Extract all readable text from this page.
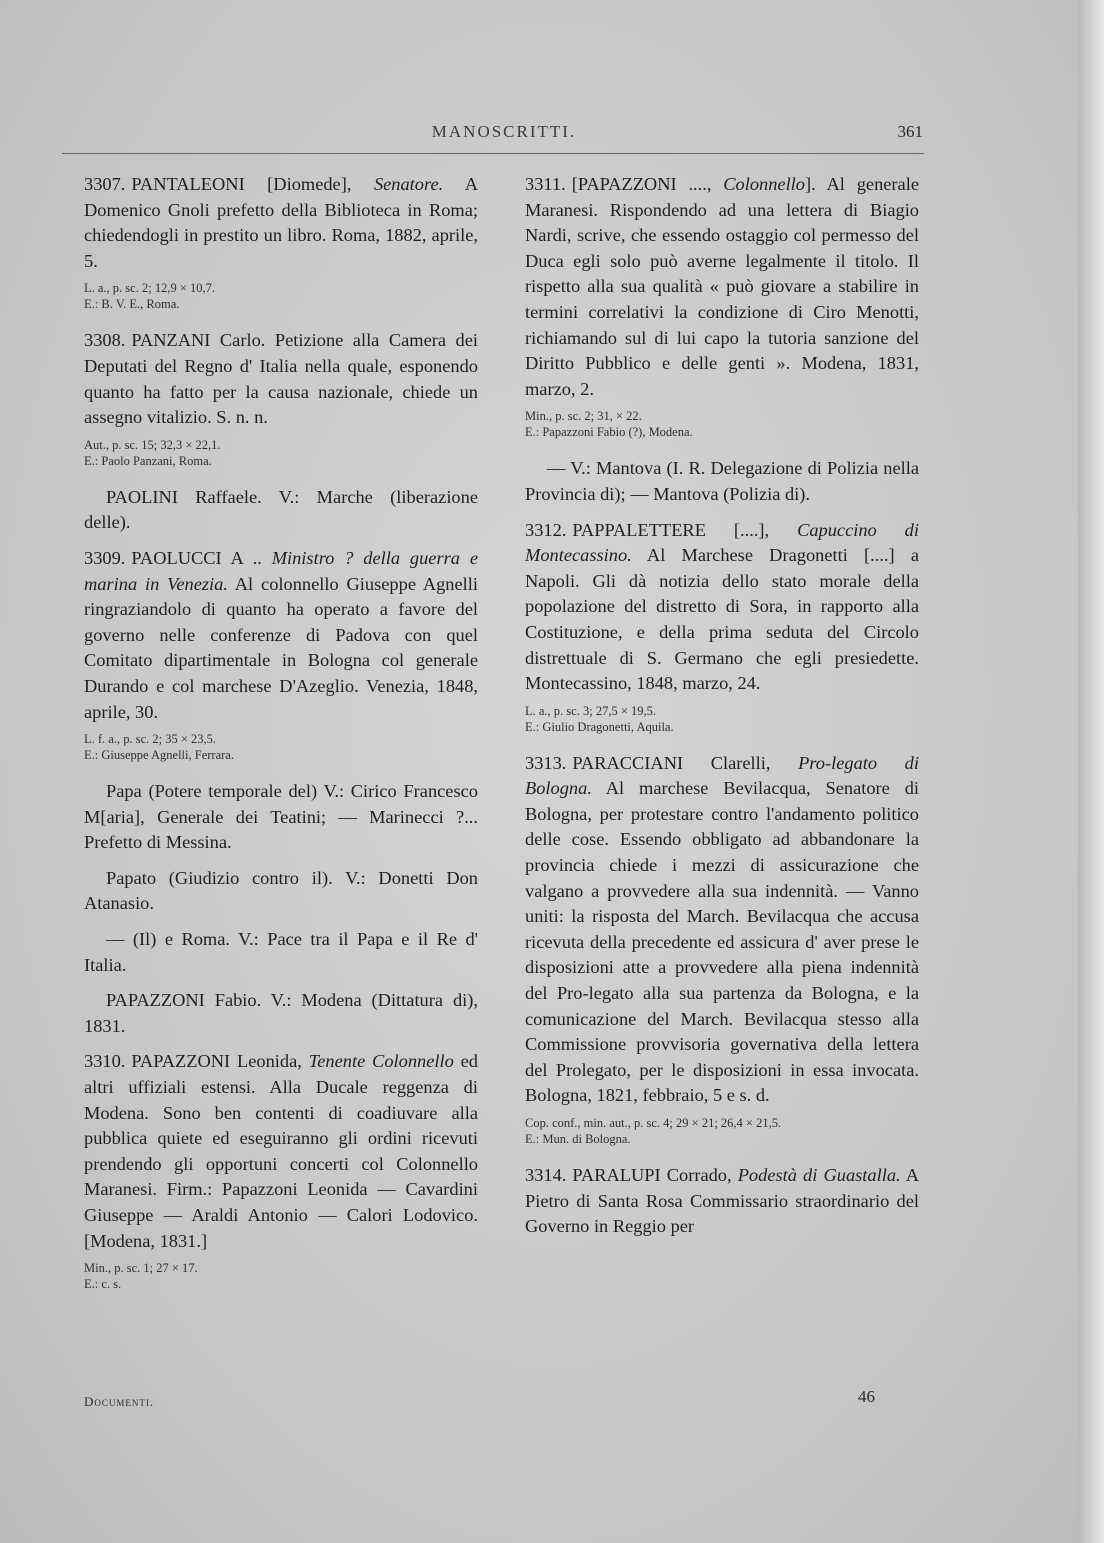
MANOSCRITTI.	361

3307. PANTALEONI [Diomede], Senatore. A Domenico Gnoli prefetto della Biblioteca in Roma; chiedendogli in prestito un libro. Roma, 1882, aprile, 5.

L. a., p. sc. 2; 12,9 × 10,7.
E.: B. V. E., Roma.

3308. PANZANI Carlo. Petizione alla Camera dei Deputati del Regno d' Italia nella quale, esponendo quanto ha fatto per la causa nazionale, chiede un assegno vitalizio. S. n. n.

Aut., p. sc. 15; 32,3 × 22,1.
E.: Paolo Panzani, Roma.

PAOLINI Raffaele. V.: Marche (liberazione delle).

3309. PAOLUCCI A .. Ministro ? della guerra e marina in Venezia. Al colonnello Giuseppe Agnelli ringraziandolo di quanto ha operato a favore del governo nelle conferenze di Padova con quel Comitato dipartimentale in Bologna col generale Durando e col marchese D'Azeglio. Venezia, 1848, aprile, 30.

L. f. a., p. sc. 2; 35 × 23,5.
E.: Giuseppe Agnelli, Ferrara.

Papa (Potere temporale del) V.: Cirico Francesco M[aria], Generale dei Teatini; — Marinecci ?... Prefetto di Messina.

Papato (Giudizio contro il). V.: Donetti Don Atanasio.

— (Il) e Roma. V.: Pace tra il Papa e il Re d' Italia.

PAPAZZONI Fabio. V.: Modena (Dittatura di), 1831.

3310. PAPAZZONI Leonida, Tenente Colonnello ed altri uffiziali estensi. Alla Ducale reggenza di Modena. Sono ben contenti di coadiuvare alla pubblica quiete ed eseguiranno gli ordini ricevuti prendendo gli opportuni concerti col Colonnello Maranesi. Firm.: Papazzoni Leonida — Cavardini Giuseppe — Araldi Antonio — Calori Lodovico. [Modena, 1831.]

Min., p. sc. 1; 27 × 17.
E.: c. s.

3311. [PAPAZZONI ...., Colonnello]. Al generale Maranesi. Rispondendo ad una lettera di Biagio Nardi, scrive, che essendo ostaggio col permesso del Duca egli solo può averne legalmente il titolo. Il rispetto alla sua qualità « può giovare a stabilire in termini correlativi la condizione di Ciro Menotti, richiamando sul di lui capo la tutoria sanzione del Diritto Pubblico e delle genti ». Modena, 1831, marzo, 2.

Min., p. sc. 2; 31, × 22.
E.: Papazzoni Fabio (?), Modena.

— V.: Mantova (I. R. Delegazione di Polizia nella Provincia di); — Mantova (Polizia di).

3312. PAPPALETTERE [....], Capuccino di Montecassino. Al Marchese Dragonetti [....] a Napoli. Gli dà notizia dello stato morale della popolazione del distretto di Sora, in rapporto alla Costituzione, e della prima seduta del Circolo distrettuale di S. Germano che egli presiedette. Montecassino, 1848, marzo, 24.

L. a., p. sc. 3; 27,5 × 19,5.
E.: Giulio Dragonetti, Aquila.

3313. PARACCIANI Clarelli, Pro-legato di Bologna. Al marchese Bevilacqua, Senatore di Bologna, per protestare contro l'andamento politico delle cose. Essendo obbligato ad abbandonare la provincia chiede i mezzi di assicurazione che valgano a provvedere alla sua indennità. — Vanno uniti: la risposta del March. Bevilacqua che accusa ricevuta della precedente ed assicura d' aver prese le disposizioni atte a provvedere alla piena indennità del Pro-legato alla sua partenza da Bologna, e la comunicazione del March. Bevilacqua stesso alla Commissione provvisoria governativa della lettera del Prolegato, per le disposizioni in essa invocata. Bologna, 1821, febbraio, 5 e s. d.

Cop. conf., min. aut., p. sc. 4; 29 × 21; 26,4 × 21,5.
E.: Mun. di Bologna.

3314. PARALUPI Corrado, Podestà di Guastalla. A Pietro di Santa Rosa Commissario straordinario del Governo in Reggio per

Documenti.	46
